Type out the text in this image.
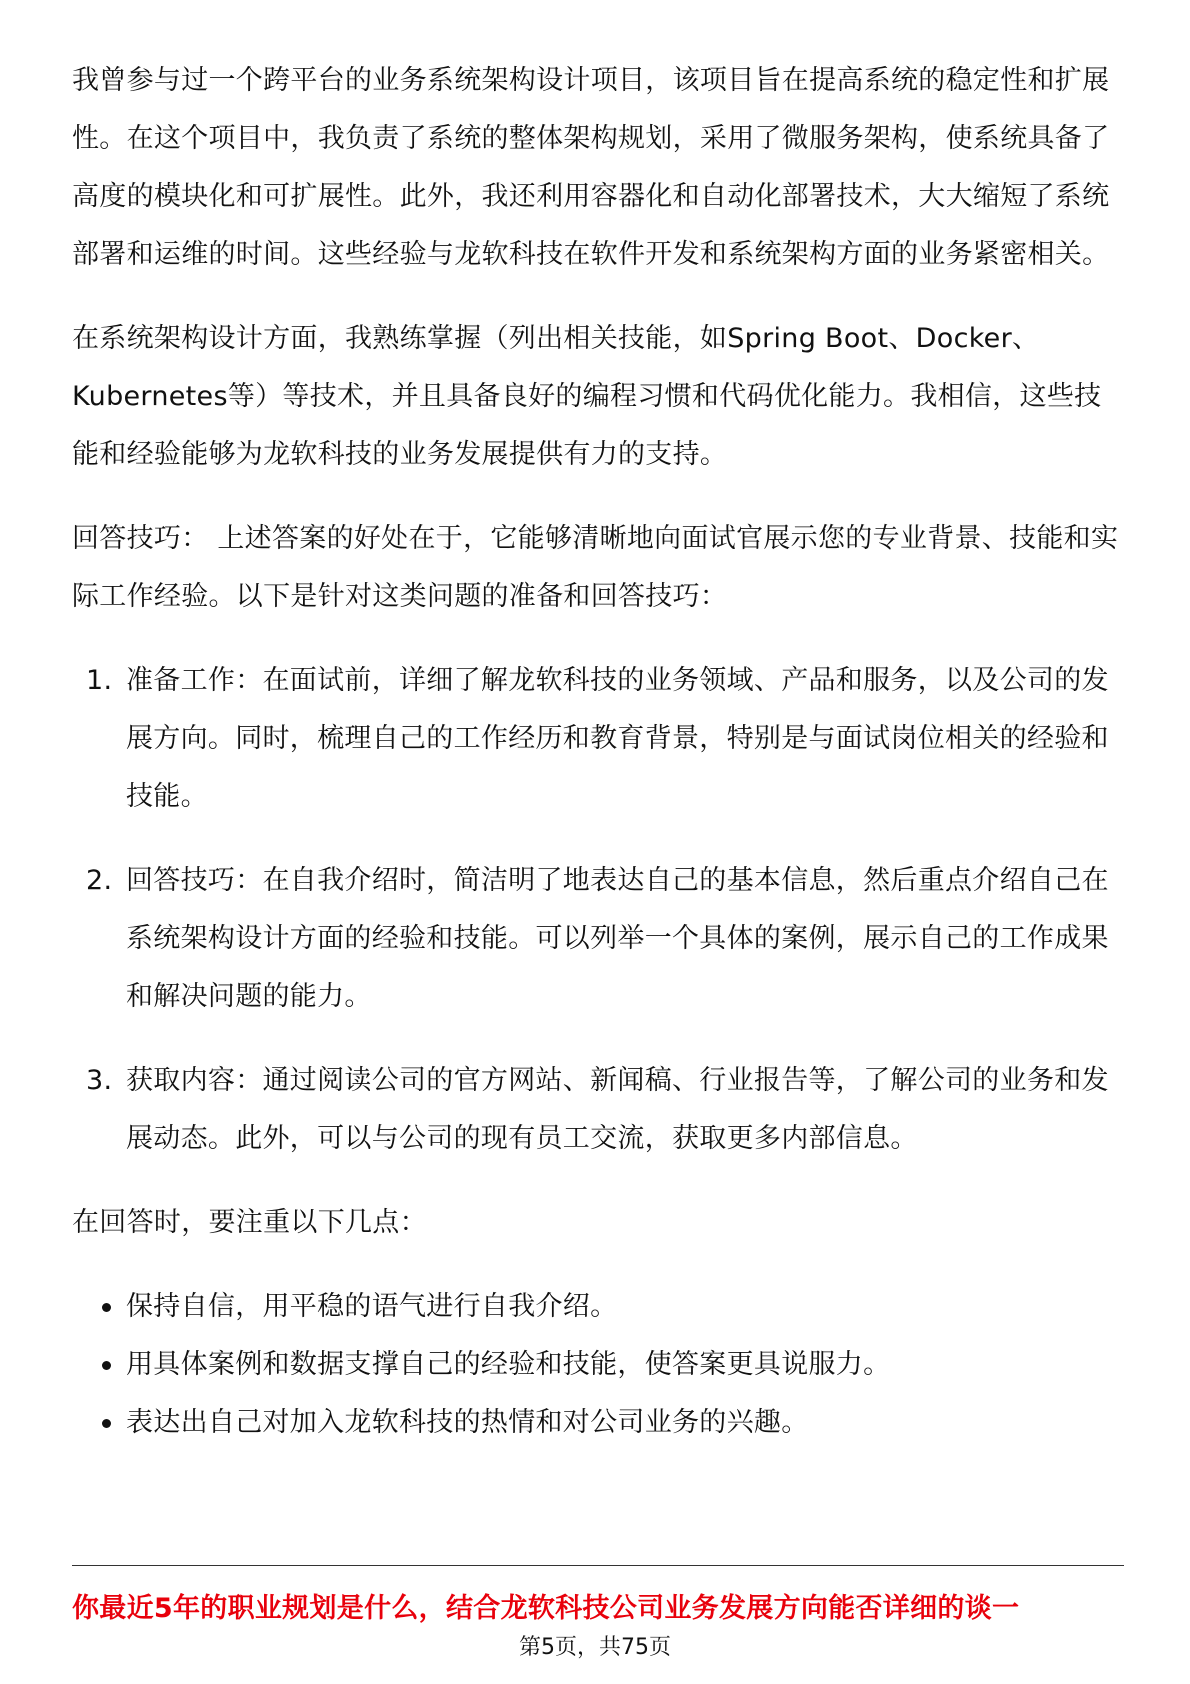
我曾参与过一个跨平台的业务系统架构设计项目，该项目旨在提高系统的稳定性和扩展性。在这个项目中，我负责了系统的整体架构规划，采用了微服务架构，使系统具备了高度的模块化和可扩展性。此外，我还利用容器化和自动化部署技术，大大缩短了系统部署和运维的时间。这些经验与龙软科技在软件开发和系统架构方面的业务紧密相关。

在系统架构设计方面，我熟练掌握（列出相关技能，如Spring Boot、Docker、Kubernetes等）等技术，并且具备良好的编程习惯和代码优化能力。我相信，这些技能和经验能够为龙软科技的业务发展提供有力的支持。

回答技巧： 上述答案的好处在于，它能够清晰地向面试官展示您的专业背景、技能和实际工作经验。以下是针对这类问题的准备和回答技巧：

1. 准备工作：在面试前，详细了解龙软科技的业务领域、产品和服务，以及公司的发展方向。同时，梳理自己的工作经历和教育背景，特别是与面试岗位相关的经验和技能。
2. 回答技巧：在自我介绍时，简洁明了地表达自己的基本信息，然后重点介绍自己在系统架构设计方面的经验和技能。可以列举一个具体的案例，展示自己的工作成果和解决问题的能力。
3. 获取内容：通过阅读公司的官方网站、新闻稿、行业报告等，了解公司的业务和发展动态。此外，可以与公司的现有员工交流，获取更多内部信息。

在回答时，要注重以下几点：

保持自信，用平稳的语气进行自我介绍。
用具体案例和数据支撑自己的经验和技能，使答案更具说服力。
表达出自己对加入龙软科技的热情和对公司业务的兴趣。
你最近5年的职业规划是什么，结合龙软科技公司业务发展方向能否详细的谈一
第5页，共75页
